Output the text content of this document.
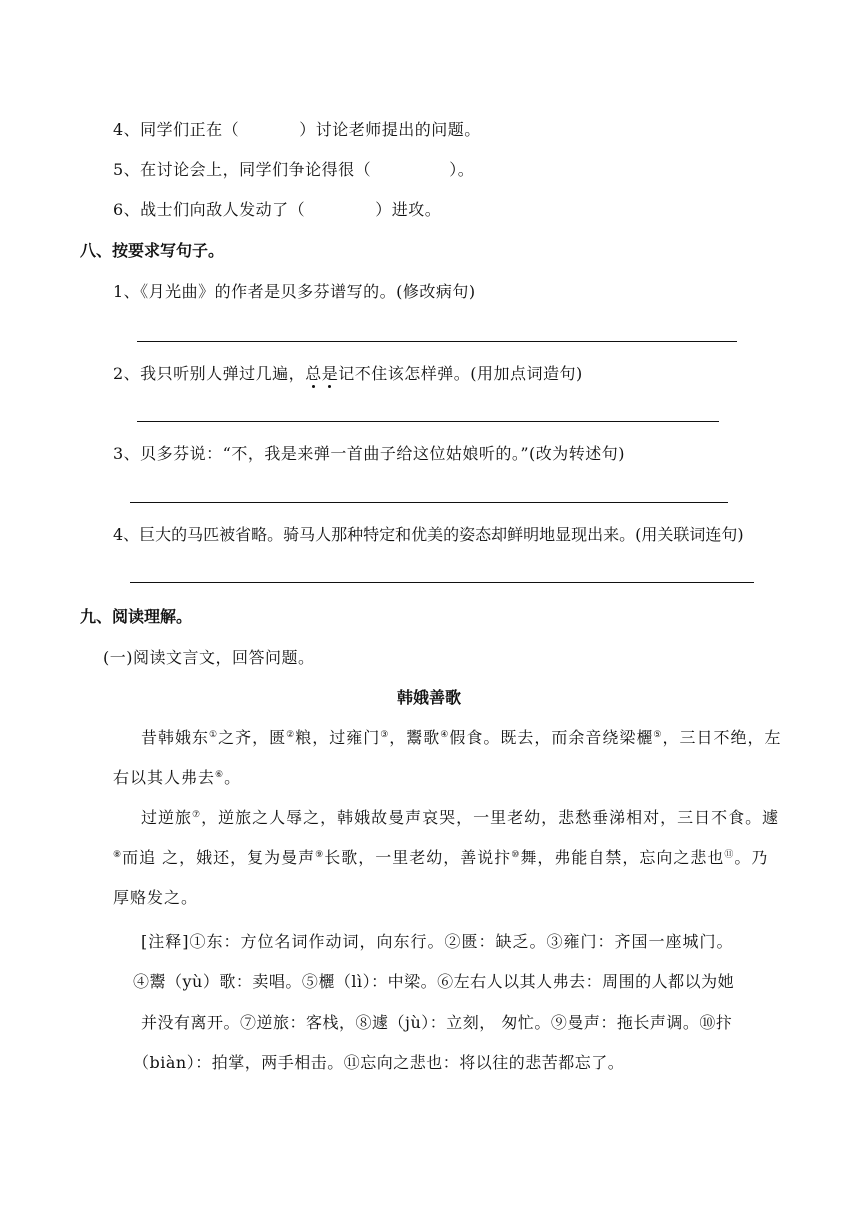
4、同学们正在（	）讨论老师提出的问题。
5、在讨论会上，同学们争论得很（	）。
6、战士们向敌人发动了（	）进攻。
八、按要求写句子。
1、《月光曲》的作者是贝多芬谱写的。(修改病句)
2、我只听别人弹过几遍，总是记不住该怎样弹。(用加点词造句)
3、贝多芬说：“不，我是来弹一首曲子给这位姑娘听的。”(改为转述句)
4、巨大的马匹被省略。骑马人那种特定和优美的姿态却鲜明地显现出来。(用关联词连句)
九、阅读理解。
(一)阅读文言文，回答问题。
韩娥善歌
昔韩娥东①之齐，匮②粮，过雍门③，鬻歌④假食。既去，而余音绕梁欐⑤，三日不绝，左
右以其人弗去⑥。
过逆旅⑦，逆旅之人辱之，韩娥故曼声哀哭，一里老幼，悲愁垂涕相对，三日不食。遽
⑧而追 之，娥还，复为曼声⑨长歌，一里老幼，善说抃⑩舞，弗能自禁，忘向之悲也⑪。乃
厚赂发之。
[注释]①东：方位名词作动词，向东行。②匮：缺乏。③雍门：齐国一座城门。
④鬻（yù）歌：卖唱。⑤欐（lì）：中梁。⑥左右人以其人弗去：周围的人都以为她
并没有离开。⑦逆旅：客栈，⑧遽（jù）：立刻， 匆忙。⑨曼声：拖长声调。⑩抃
（biàn）：拍掌，两手相击。⑪忘向之悲也：将以往的悲苦都忘了。
